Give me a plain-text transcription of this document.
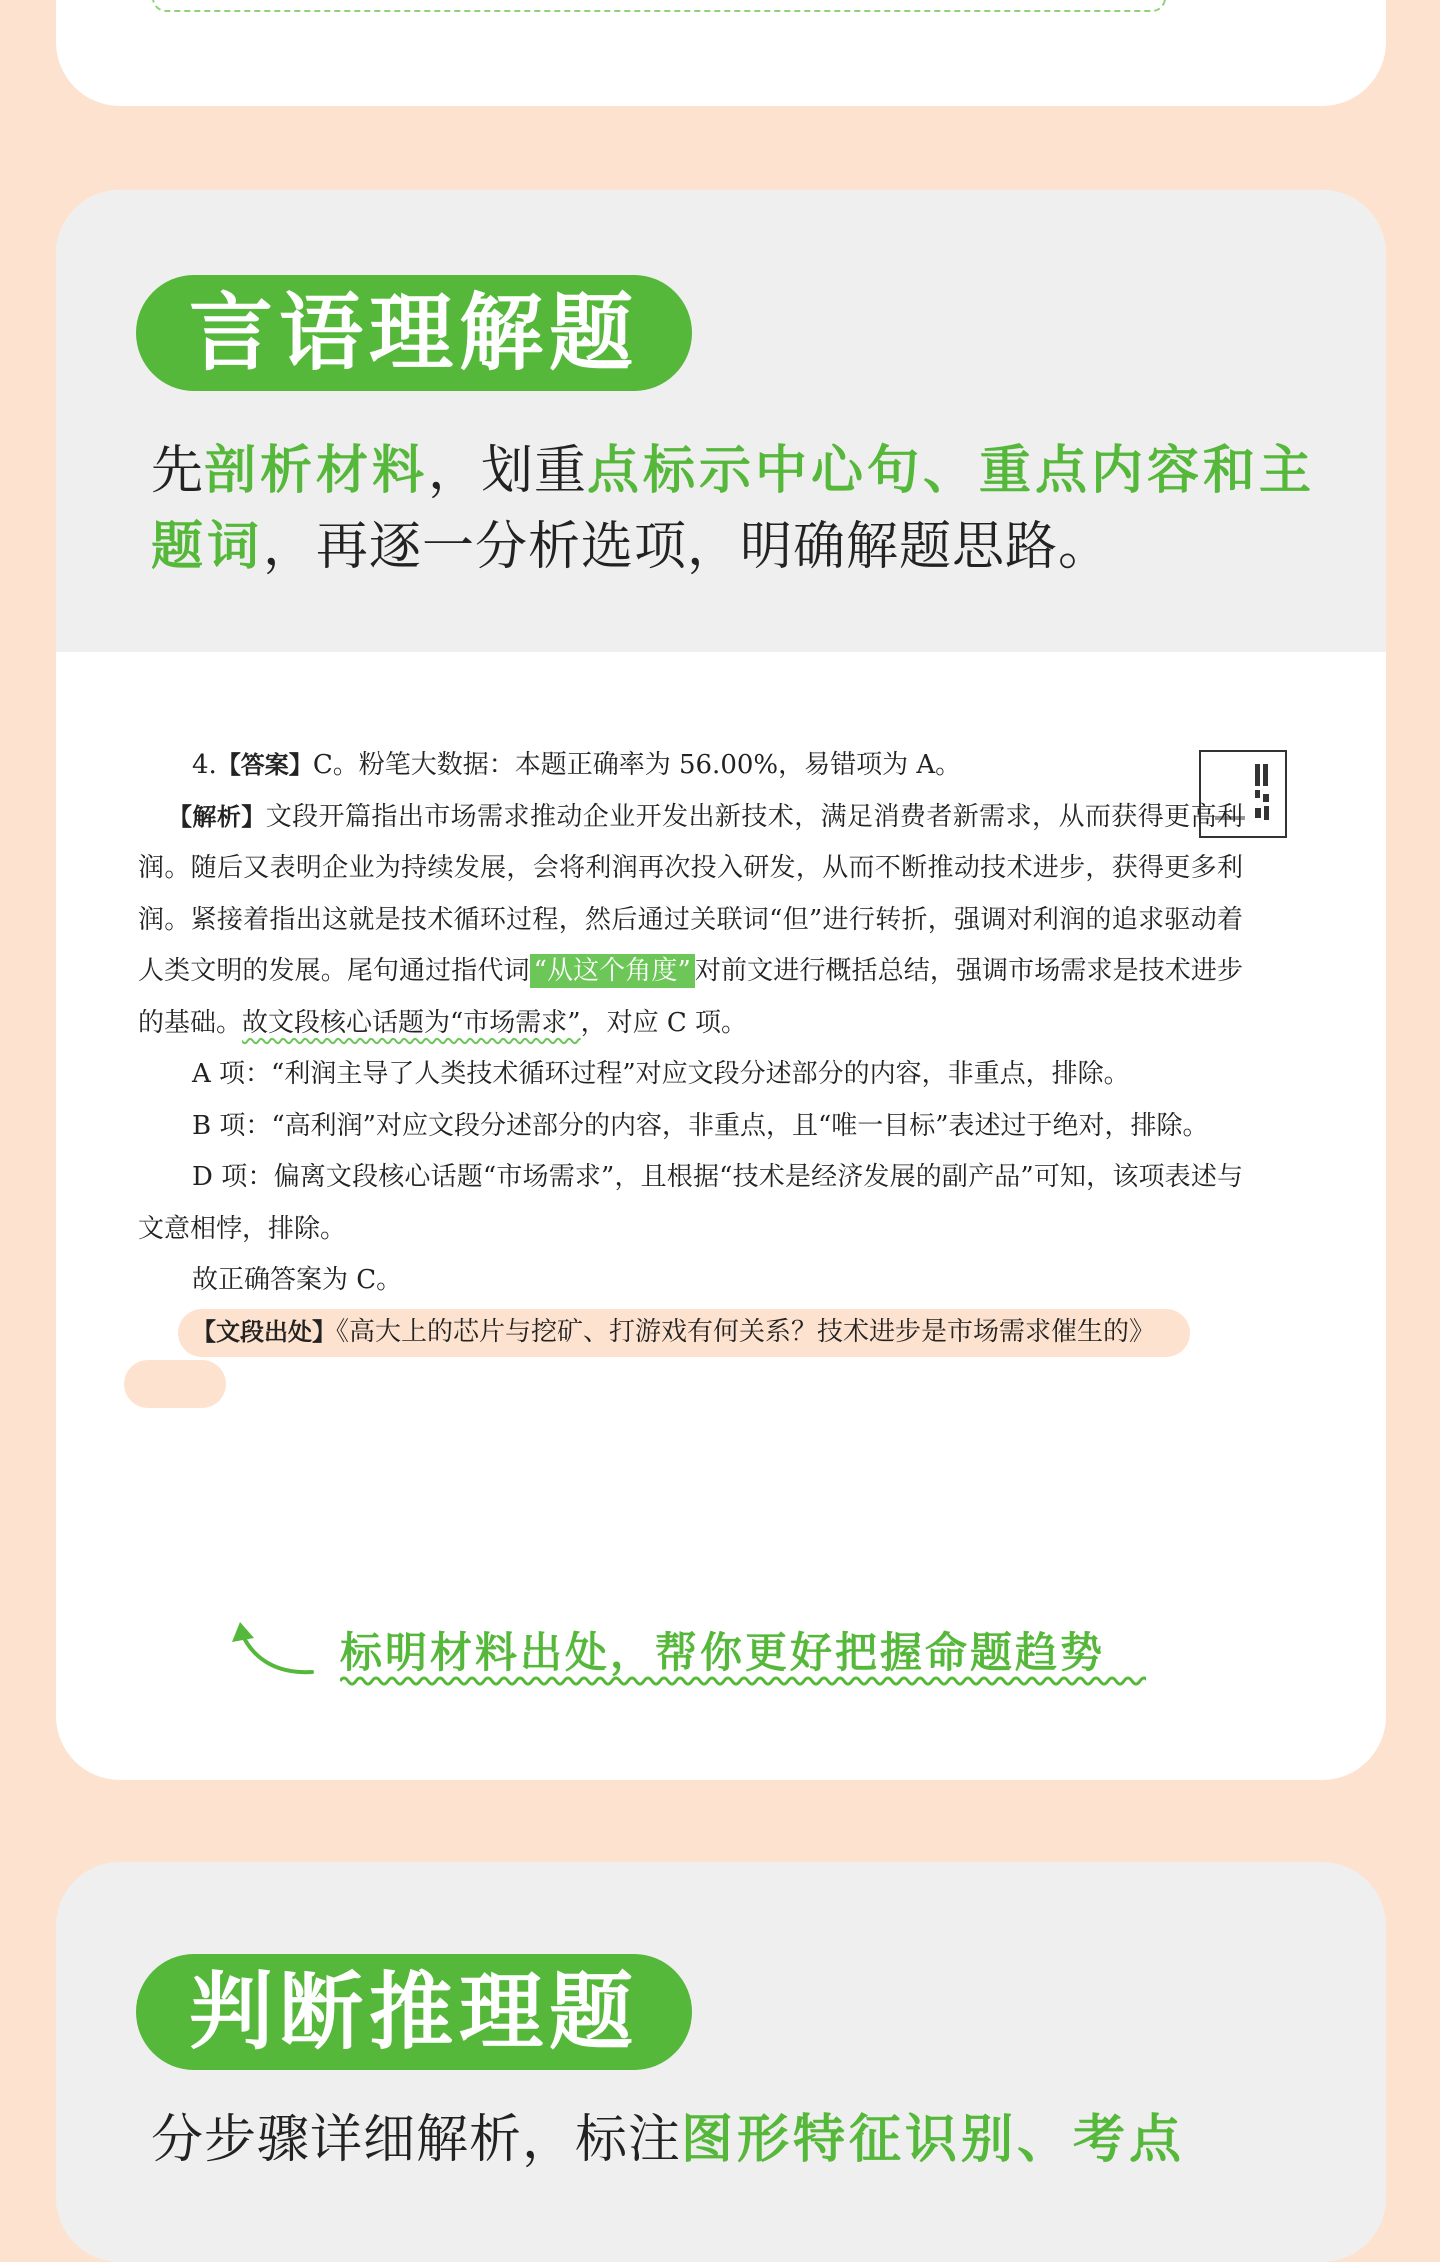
言语理解题
先剖析材料，划重点标示中心句、重点内容和主题词，再逐一分析选项，明确解题思路。

4.【答案】C。粉笔大数据：本题正确率为 56.00%，易错项为 A。

【解析】文段开篇指出市场需求推动企业开发出新技术，满足消费者新需求，从而获得更高利润。随后又表明企业为持续发展，会将利润再次投入研发，从而不断推动技术进步，获得更多利润。紧接着指出这就是技术循环过程，然后通过关联词“但”进行转折，强调对利润的追求驱动着人类文明的发展。尾句通过指代词 “从这个角度” 对前文进行概括总结，强调市场需求是技术进步的基础。故文段核心话题为“市场需求”，对应 C 项。

A 项：“利润主导了人类技术循环过程”对应文段分述部分的内容，非重点，排除。

B 项：“高利润”对应文段分述部分的内容，非重点，且“唯一目标”表述过于绝对，排除。

D 项：偏离文段核心话题“市场需求”，且根据“技术是经济发展的副产品”可知，该项表述与文意相悖，排除。

故正确答案为 C。

【文段出处】《高大上的芯片与挖矿、打游戏有何关系？技术进步是市场需求催生的》

标明材料出处，帮你更好把握命题趋势
判断推理题
分步骤详细解析，标注图形特征识别、考点
